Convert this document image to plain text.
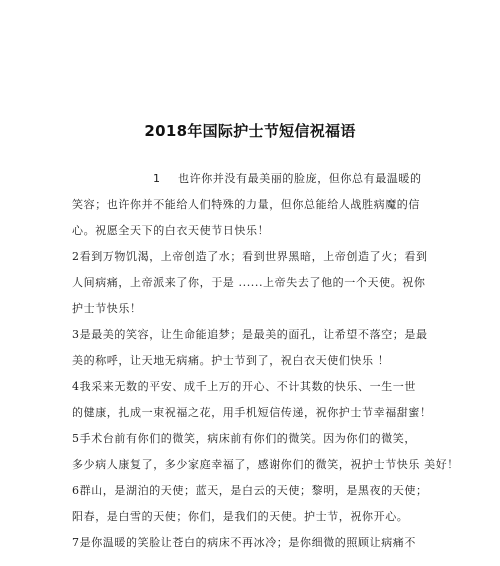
2018年国际护士节短信祝福语
1 也许你并没有最美丽的脸庞，但你总有最温暖的
笑容；也许你并不能给人们特殊的力量，但你总能给人战胜病魔的信
心。祝愿全天下的白衣天使节日快乐！
2看到万物饥渴，上帝创造了水；看到世界黑暗，上帝创造了火；看到
人间病痛，上帝派来了你，于是 ......上帝失去了他的一个天使。祝你
护士节快乐！
3是最美的笑容，让生命能追梦；是最美的面孔，让希望不落空；是最
美的称呼，让天地无病痛。护士节到了，祝白衣天使们快乐 ！
4我采来无数的平安、成千上万的开心、不计其数的快乐、一生一世
的健康，扎成一束祝福之花，用手机短信传递，祝你护士节幸福甜蜜！
5手术台前有你们的微笑，病床前有你们的微笑。因为你们的微笑，
多少病人康复了，多少家庭幸福了，感谢你们的微笑，祝护士节快乐 美好！
6群山，是湖泊的天使；蓝天，是白云的天使；黎明，是黑夜的天使；
阳春，是白雪的天使；你们，是我们的天使。护士节，祝你开心。
7是你温暖的笑脸让苍白的病床不再冰冷；是你细微的照顾让病痛不
